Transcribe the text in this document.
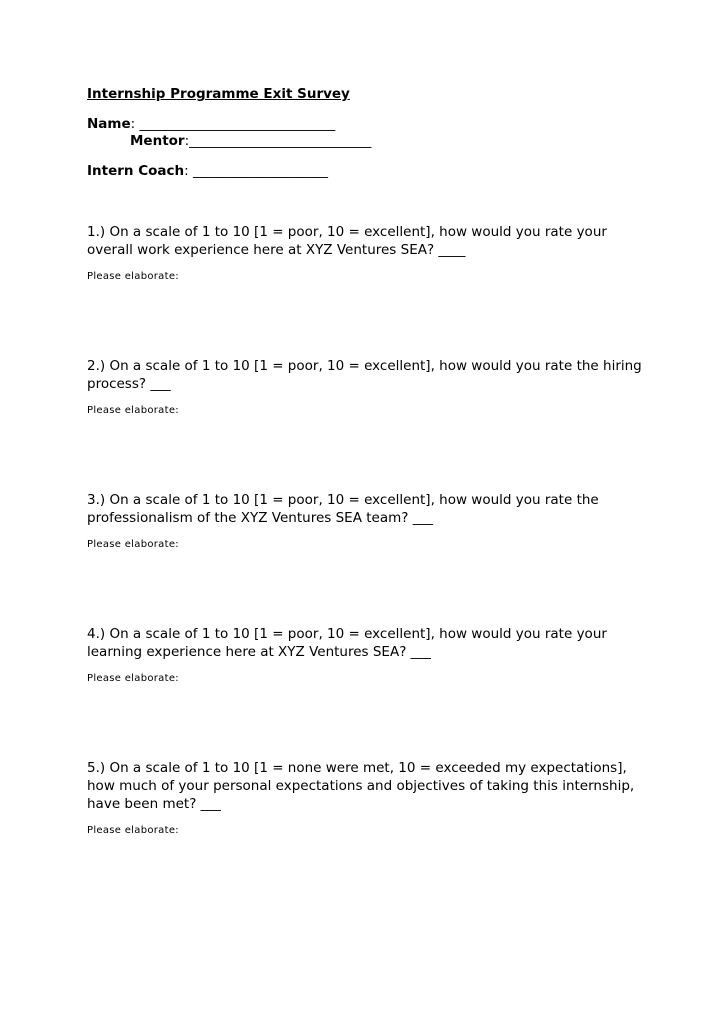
Internship Programme Exit Survey
Name: _____________________________
Mentor:___________________________
Intern Coach: ____________________
1.) On a scale of 1 to 10 [1 = poor, 10 = excellent], how would you rate your
overall work experience here at XYZ Ventures SEA? ____
Please elaborate:
2.) On a scale of 1 to 10 [1 = poor, 10 = excellent], how would you rate the hiring
process? ___
Please elaborate:
3.) On a scale of 1 to 10 [1 = poor, 10 = excellent], how would you rate the
professionalism of the XYZ Ventures SEA team? ___
Please elaborate:
4.) On a scale of 1 to 10 [1 = poor, 10 = excellent], how would you rate your
learning experience here at XYZ Ventures SEA? ___
Please elaborate:
5.) On a scale of 1 to 10 [1 = none were met, 10 = exceeded my expectations],
how much of your personal expectations and objectives of taking this internship,
have been met? ___
Please elaborate:
